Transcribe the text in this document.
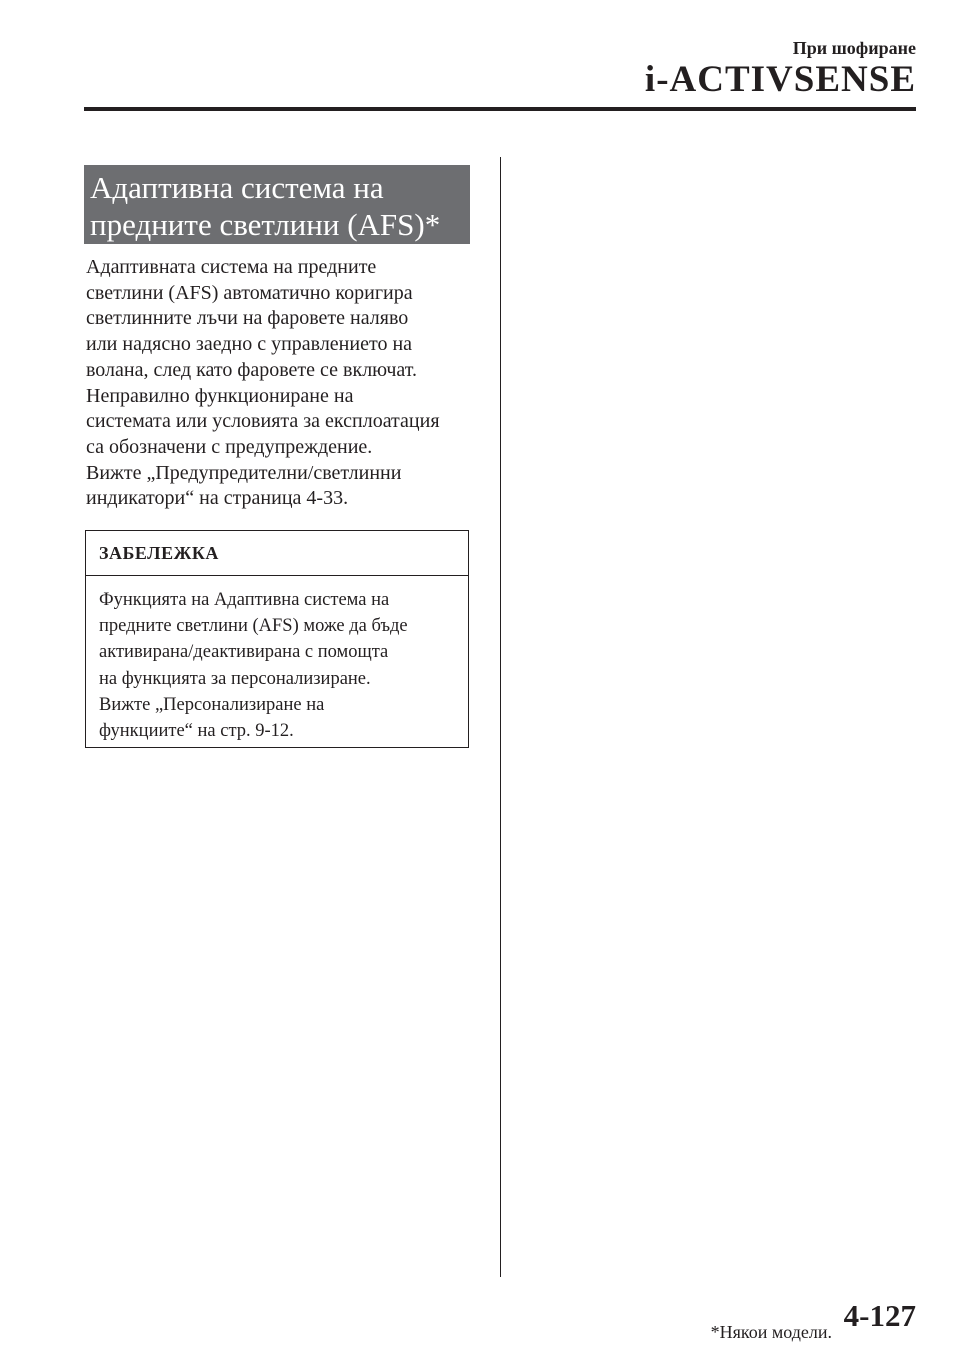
При шофиране
i-ACTIVSENSE
Адаптивна система на
предните светлини (AFS)*
Адаптивната система на предните
светлини (AFS) автоматично коригира
светлинните лъчи на фаровете наляво
или надясно заедно с управлението на
волана, след като фаровете се включат.
Неправилно функциониране на
системата или условията за експлоатация
са обозначени с предупреждение.
Вижте „Предупредителни/светлинни
индикатори“ на страница 4-33.
ЗАБЕЛЕЖКА
Функцията на Адаптивна система на
предните светлини (AFS) може да бъде
активирана/деактивирана с помощта
на функцията за персонализиране.
Вижте „Персонализиране на
функциите“ на стр. 9-12.
*Някои модели. 4-127
